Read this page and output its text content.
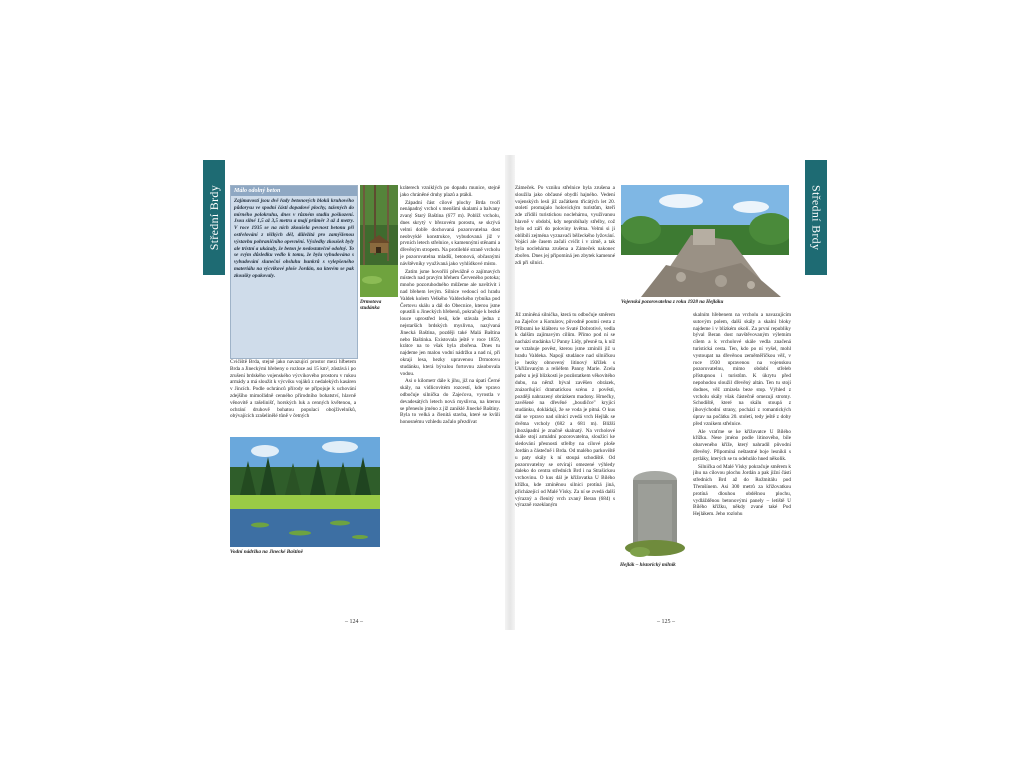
Střední Brdy	Málo odolný beton
Zajímavostí jsou dvě řady betonových bloků kruhového půdorysu ve spodní části dopadové plochy, tažených do mírného polokruhu, dnes v různém stadiu poškození. Jsou silné 1,5 až 3,5 metru a mají průměr 3 až 4 metry. V roce 1935 se na nich zkoušela pevnost betonu při ostřelování z těžkých děl, důležitá pro zamýšlenou výstavbu pohraničního opevnění. Výsledky zkoušek byly ale tristní a ukázaly, že beton je nedostatečně odolný. To se svým důsledku vedlo k tomu, že byla vybudována s vybudování sluneční obsluhu bunkrů s vylepšeného materiálu na výcvikové ploše Jordán, na kterém se pak zkoušky opakovaly.
Drmotova studánka

Cvičiště Brda, stejně jako navazující prostor mezi hřbetem Brda a Jineckými hřebeny o rozloze asi 15 km², zůstává i po zrušení brdského vojenského výcvikového prostoru v rukou armády a má sloužit k výcviku vojáků z nedalekých kasáren v Jincích. Podle ochránců přírody se připojuje k uchování zdejšího mimořádně cenného přírodního bohatství, hlavně věnovitě a rašelinišť, horských luk a cenných květenou, a ochrání druhově bohatou populaci obojživelníků, obývajících zrašelinělé tůně v četných

kráterech vzniklých po dopadu munice, stejně jako chráněné druhy plazů a ptáků.

Západní část cílové plochy Brda tvoří nenápadný vrchol s menšími skalami a balvany zvaný Starý Baština (677 m). Poblíž vrcholu, dnes skrytý v březovém porostu, se skrývá velmi dobře dochovaná pozorovatelna dost neobvyklé konstrukce, vybudovaná již v prvních letech střelnice, s kamennými stěnami a dřevěným stropem. Na protilehlé straně vrcholu je pozorovatelna mladší, betonová, občasnými návštěvníky využívaná jako vyhlídkové místo.

Zatím jsme hovořili převážně o zajímavých místech nad pravým břehem Červeného potoka; mnoho pozoruhodného můžeme ale navštívit i nad břehem levým. Silnice vedoucí od hradu Valdek kolem Velkého Valdeckého rybníka pod Čertovu skálu a dál do Obecnice, kterou jsme opustili u Jineckých hřebenů, pokračuje k bezké louce uprostřed lesů, kde stávala jedna z nejstarších brdských myslivna, nazývaná Jinecká Baština, později také Malá Baština nebo Baštinka. Existovala ještě v roce 1859, krátce na to však byla zbořena. Dnes tu najdeme jen malou vodní nádržku a nad ní, při okraji lesa, hezky upravenou Drmotovu studánku, která bývalou fortovnu zásobovala vodou.

Asi o kilometr dále k jihu, již na úpatí Černé skály, na vidlicovitém rozcestí, kde vpravo odbočuje silnička do Zajećova, vyrostla v devadesátých letech nová myslivna, na kterou se přeneslo jméno z již zaniklé Jinecké Baštiny. Byla to velká a členitá stavba, které se kvůli honosnému vzhledu začalo přezdívat

Vodní nádržka na Jinecké Baštině
– 124 –
Střední Brdy

Zámeček. Po vzniku střelnice byla zrušena a sloužila jako občasné obydlí hajného. Vedení vojenských lesů již začátkem třicátých let 20. století promajalo holovickým turistům, kteří zde zřídili turistickou noclehárnu, využívanou hlavně v období, kdy neprobíhaly střelby, což bylo od září do poloviny května. Velmi si ji oblíbili zejména vyznavači běžeckého lyžování. Vojáci ale časem začali cvičit i v zimě, a tak byla noclehárna zrušena a Zámeček nakonec zbořen. Dnes jej připomíná jen zbytek kamenné zdi při silnici.

Vojenská pozorovatelna z roku 1928 na Hejláku

Již zmíněná silnička, která tu odbočuje směrem na Zaječov a Komárov, původně poutní cesta z Příbrami ke klášteru ve Svaté Dobrotivé, vedla k dalším zajímavým cílům. Přímo pod ní se nachází studánka U Panny Lídy, přesně ta, k níž se vztahuje pověst, kterou jsme zmínili již u hradu Valdeka. Napojí studánce nad silničkou je hezky obnovený litinový křížek s Ukřižovaným a reliéfem Panny Marie. Zcela pařez u její blízkosti je pozůstatkem věkovitého dubu, na němž býval zavěšen obrázek, znázorňující dramatickou scénu z pověsti, později nahrazený obrázkem madony. Hrnečky, zavěšené na dřevěné „boudičce" kryjící studánku, dokládají, že se voda je pitná. O kus dál se vpravo nad silnicí zvedá vrch Hejlák se dvěma vrcholy (682 a 681 m). Bližší jihozápadní je značně skalnatý. Na vrcholové skále stojí armádní pozorovatelna, sloužící ke sledování přesnosti střelby na cílové ploše Jordán a částečně i Brda. Od malého parkoviště u paty skály k ní stoupá schodiště. Od pozorovatelny se otvírají omezené výhledy daleko do centra středních Brd i na Strašickou vrchovinu. O kus dál je křižovatka U Bílého křížku, kde zmíněnou silnici protíná jiná, přicházející od Malé Vísky. Za ní se zvedá další výrazný a členitý vrch zvaný Beran (684) s výrazně rozeklaným

skalním hřebenem na vrcholu a navazujícím sutovým polem, další skály a skalní bloky najdeme i v blízkém okolí. Za první republiky býval Beran dost navštěvovaným výletním cílem a k vrcholové skále vedla značená turistická cesta. Ten, kdo po ní vyšel, mohl vystoupat na dřevěnou zeměměřičkou věž, v roce 1930 upravenou na vojenskou pozorovatelnu, mimo období střeleb přístupnou i turistům. K úkrytu před nepohodou sloužil dřevěný altán. Ten tu stojí dodnes, věž zmizela beze stop. Výhled z vrcholu skály však částečně omezují stromy. Schodiště, které na skálu stoupá z jihovýchodní strany, pochází z romantických úprav na počátku 20. století, tedy ještě z doby před vznikem střelnice.

Ale vraťme se ke křižovatce U Bílého křížku. Nese jméno podle litinového, bíle obarveného kříže, který nahradil původní dřevěný. Připomíná neštastné boje lesníků s pytláky, kterých se tu odehrálo hned několik.

Silnička od Malé Vísky pokračuje směrem k jihu na cílovou plochu Jordán a pak jižní částí středních Brd až do Rožmitálu pod Třemšínem. Asi 300 metrů za křižovatkou protíná dlouhou obdélnou plochu, vydlážděnou betonovými panely – letiště U Bílého křížku, někdy zvané také Pod Hejlákem. Jeho rozlohu

Hejlák – historický milník
– 125 –
